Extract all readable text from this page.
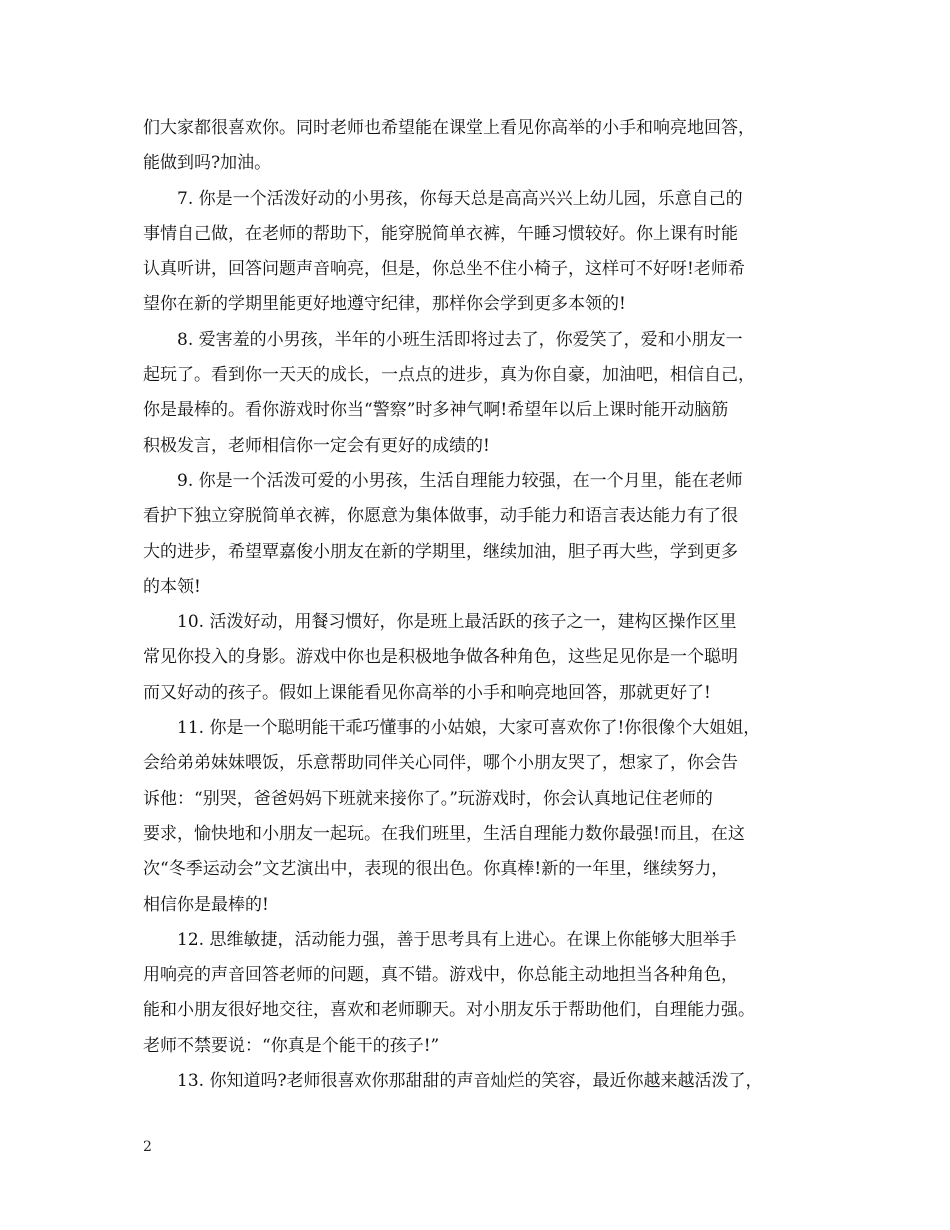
们大家都很喜欢你。同时老师也希望能在课堂上看见你高举的小手和响亮地回答，
能做到吗?加油。
7. 你是一个活泼好动的小男孩，你每天总是高高兴兴上幼儿园，乐意自己的
事情自己做，在老师的帮助下，能穿脱简单衣裤，午睡习惯较好。你上课有时能
认真听讲，回答问题声音响亮，但是，你总坐不住小椅子，这样可不好呀!老师希
望你在新的学期里能更好地遵守纪律，那样你会学到更多本领的!
8. 爱害羞的小男孩，半年的小班生活即将过去了，你爱笑了，爱和小朋友一
起玩了。看到你一天天的成长，一点点的进步，真为你自豪，加油吧，相信自己，
你是最棒的。看你游戏时你当“警察”时多神气啊!希望年以后上课时能开动脑筋
积极发言，老师相信你一定会有更好的成绩的!
9. 你是一个活泼可爱的小男孩，生活自理能力较强，在一个月里，能在老师
看护下独立穿脱简单衣裤，你愿意为集体做事，动手能力和语言表达能力有了很
大的进步，希望覃嘉俊小朋友在新的学期里，继续加油，胆子再大些，学到更多
的本领!
10. 活泼好动，用餐习惯好，你是班上最活跃的孩子之一，建构区操作区里
常见你投入的身影。游戏中你也是积极地争做各种角色，这些足见你是一个聪明
而又好动的孩子。假如上课能看见你高举的小手和响亮地回答，那就更好了!
11. 你是一个聪明能干乖巧懂事的小姑娘，大家可喜欢你了!你很像个大姐姐，
会给弟弟妹妹喂饭，乐意帮助同伴关心同伴，哪个小朋友哭了，想家了，你会告
诉他：“别哭，爸爸妈妈下班就来接你了。”玩游戏时，你会认真地记住老师的
要求，愉快地和小朋友一起玩。在我们班里，生活自理能力数你最强!而且，在这
次“冬季运动会”文艺演出中，表现的很出色。你真棒!新的一年里，继续努力，
相信你是最棒的!
12. 思维敏捷，活动能力强，善于思考具有上进心。在课上你能够大胆举手
用响亮的声音回答老师的问题，真不错。游戏中，你总能主动地担当各种角色，
能和小朋友很好地交往，喜欢和老师聊天。对小朋友乐于帮助他们，自理能力强。
老师不禁要说：“你真是个能干的孩子!”
13. 你知道吗?老师很喜欢你那甜甜的声音灿烂的笑容，最近你越来越活泼了，
2
